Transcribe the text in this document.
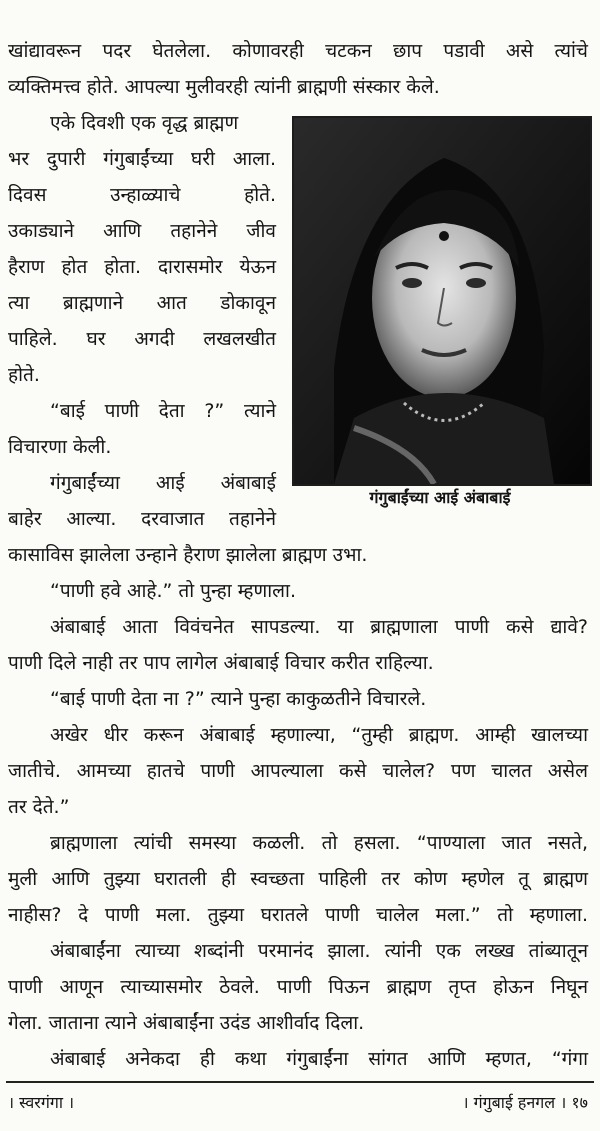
खांद्यावरून पदर घेतलेला. कोणावरही चटकन छाप पडावी असे त्यांचे
व्यक्तिमत्त्व होते. आपल्या मुलीवरही त्यांनी ब्राह्मणी संस्कार केले.
एके दिवशी एक वृद्ध ब्राह्मण
भर दुपारी गंगुबाईंच्या घरी आला.
दिवस उन्हाळ्याचे होते.
उकाड्याने आणि तहानेने जीव
हैराण होत होता. दारासमोर येऊन
त्या ब्राह्मणाने आत डोकावून
पाहिले. घर अगदी लखलखीत
होते.
“बाई पाणी देता ?” त्याने
विचारणा केली.
गंगुबाईंच्या आई अंबाबाई
बाहेर आल्या. दरवाजात तहानेने
गंगुबाईंच्या आई अंबाबाई
कासाविस झालेला उन्हाने हैराण झालेला ब्राह्मण उभा.
“पाणी हवे आहे.” तो पुन्हा म्हणाला.
अंबाबाई आता विवंचनेत सापडल्या. या ब्राह्मणाला पाणी कसे द्यावे?
पाणी दिले नाही तर पाप लागेल अंबाबाई विचार करीत राहिल्या.
“बाई पाणी देता ना ?” त्याने पुन्हा काकुळतीने विचारले.
अखेर धीर करून अंबाबाई म्हणाल्या, “तुम्ही ब्राह्मण. आम्ही खालच्या
जातीचे. आमच्या हातचे पाणी आपल्याला कसे चालेल? पण चालत असेल
तर देते.”
ब्राह्मणाला त्यांची समस्या कळली. तो हसला. “पाण्याला जात नसते,
मुली आणि तुझ्या घरातली ही स्वच्छता पाहिली तर कोण म्हणेल तू ब्राह्मण
नाहीस? दे पाणी मला. तुझ्या घरातले पाणी चालेल मला.” तो म्हणाला.
अंबाबाईंना त्याच्या शब्दांनी परमानंद झाला. त्यांनी एक लख्ख तांब्यातून
पाणी आणून त्याच्यासमोर ठेवले. पाणी पिऊन ब्राह्मण तृप्त होऊन निघून
गेला. जाताना त्याने अंबाबाईंना उदंड आशीर्वाद दिला.
अंबाबाई अनेकदा ही कथा गंगुबाईंना सांगत आणि म्हणत, “गंगा
। स्वरगंगा ।	। गंगुबाई हनगल । १७
